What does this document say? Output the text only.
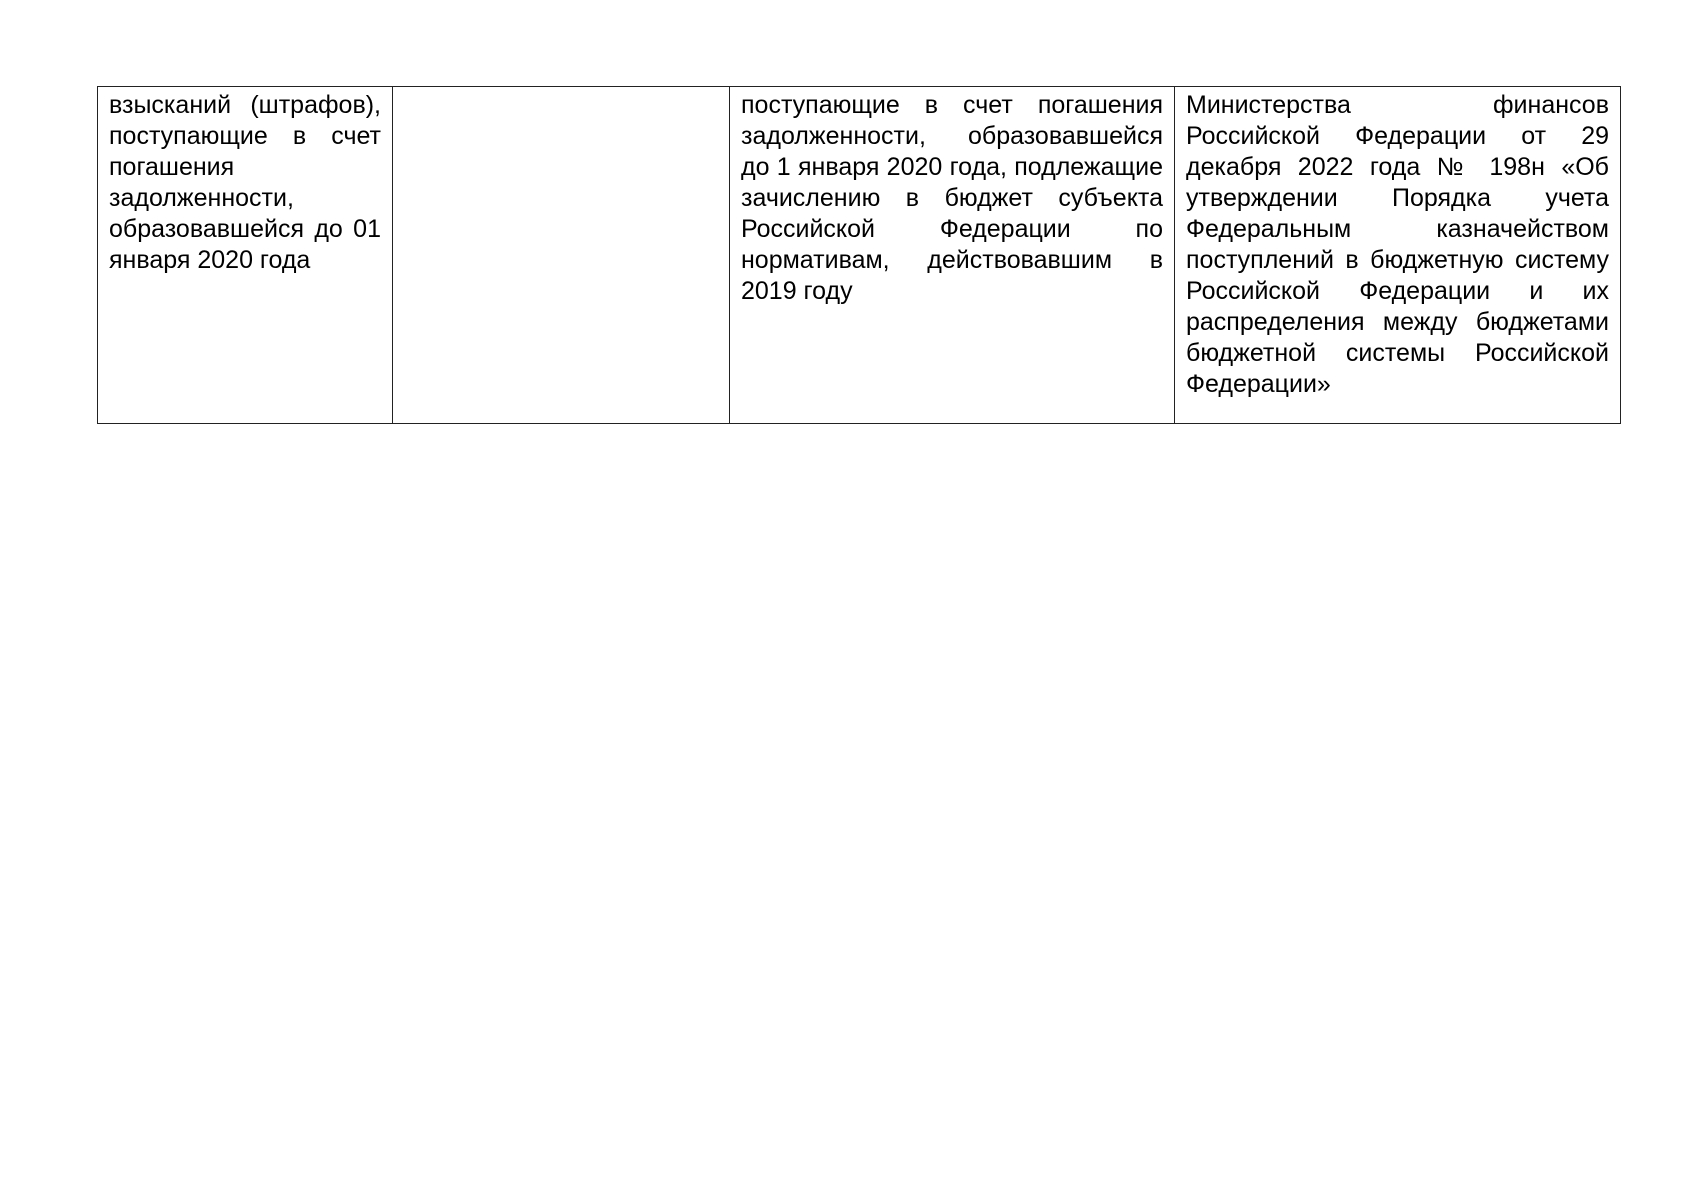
взысканий (штрафов), поступающие в счет погашения задолженности, образовавшейся до 01 января 2020 года		поступающие в счет погашения задолженности, образовавшейся до 1 января 2020 года, подлежащие зачислению в бюджет субъекта Российской Федерации по нормативам, действовавшим в 2019 году	Министерства финансов Российской Федерации от 29 декабря 2022 года № 198н «Об утверждении Порядка учета Федеральным казначейством поступлений в бюджетную систему Российской Федерации и их распределения между бюджетами бюджетной системы Российской Федерации»
